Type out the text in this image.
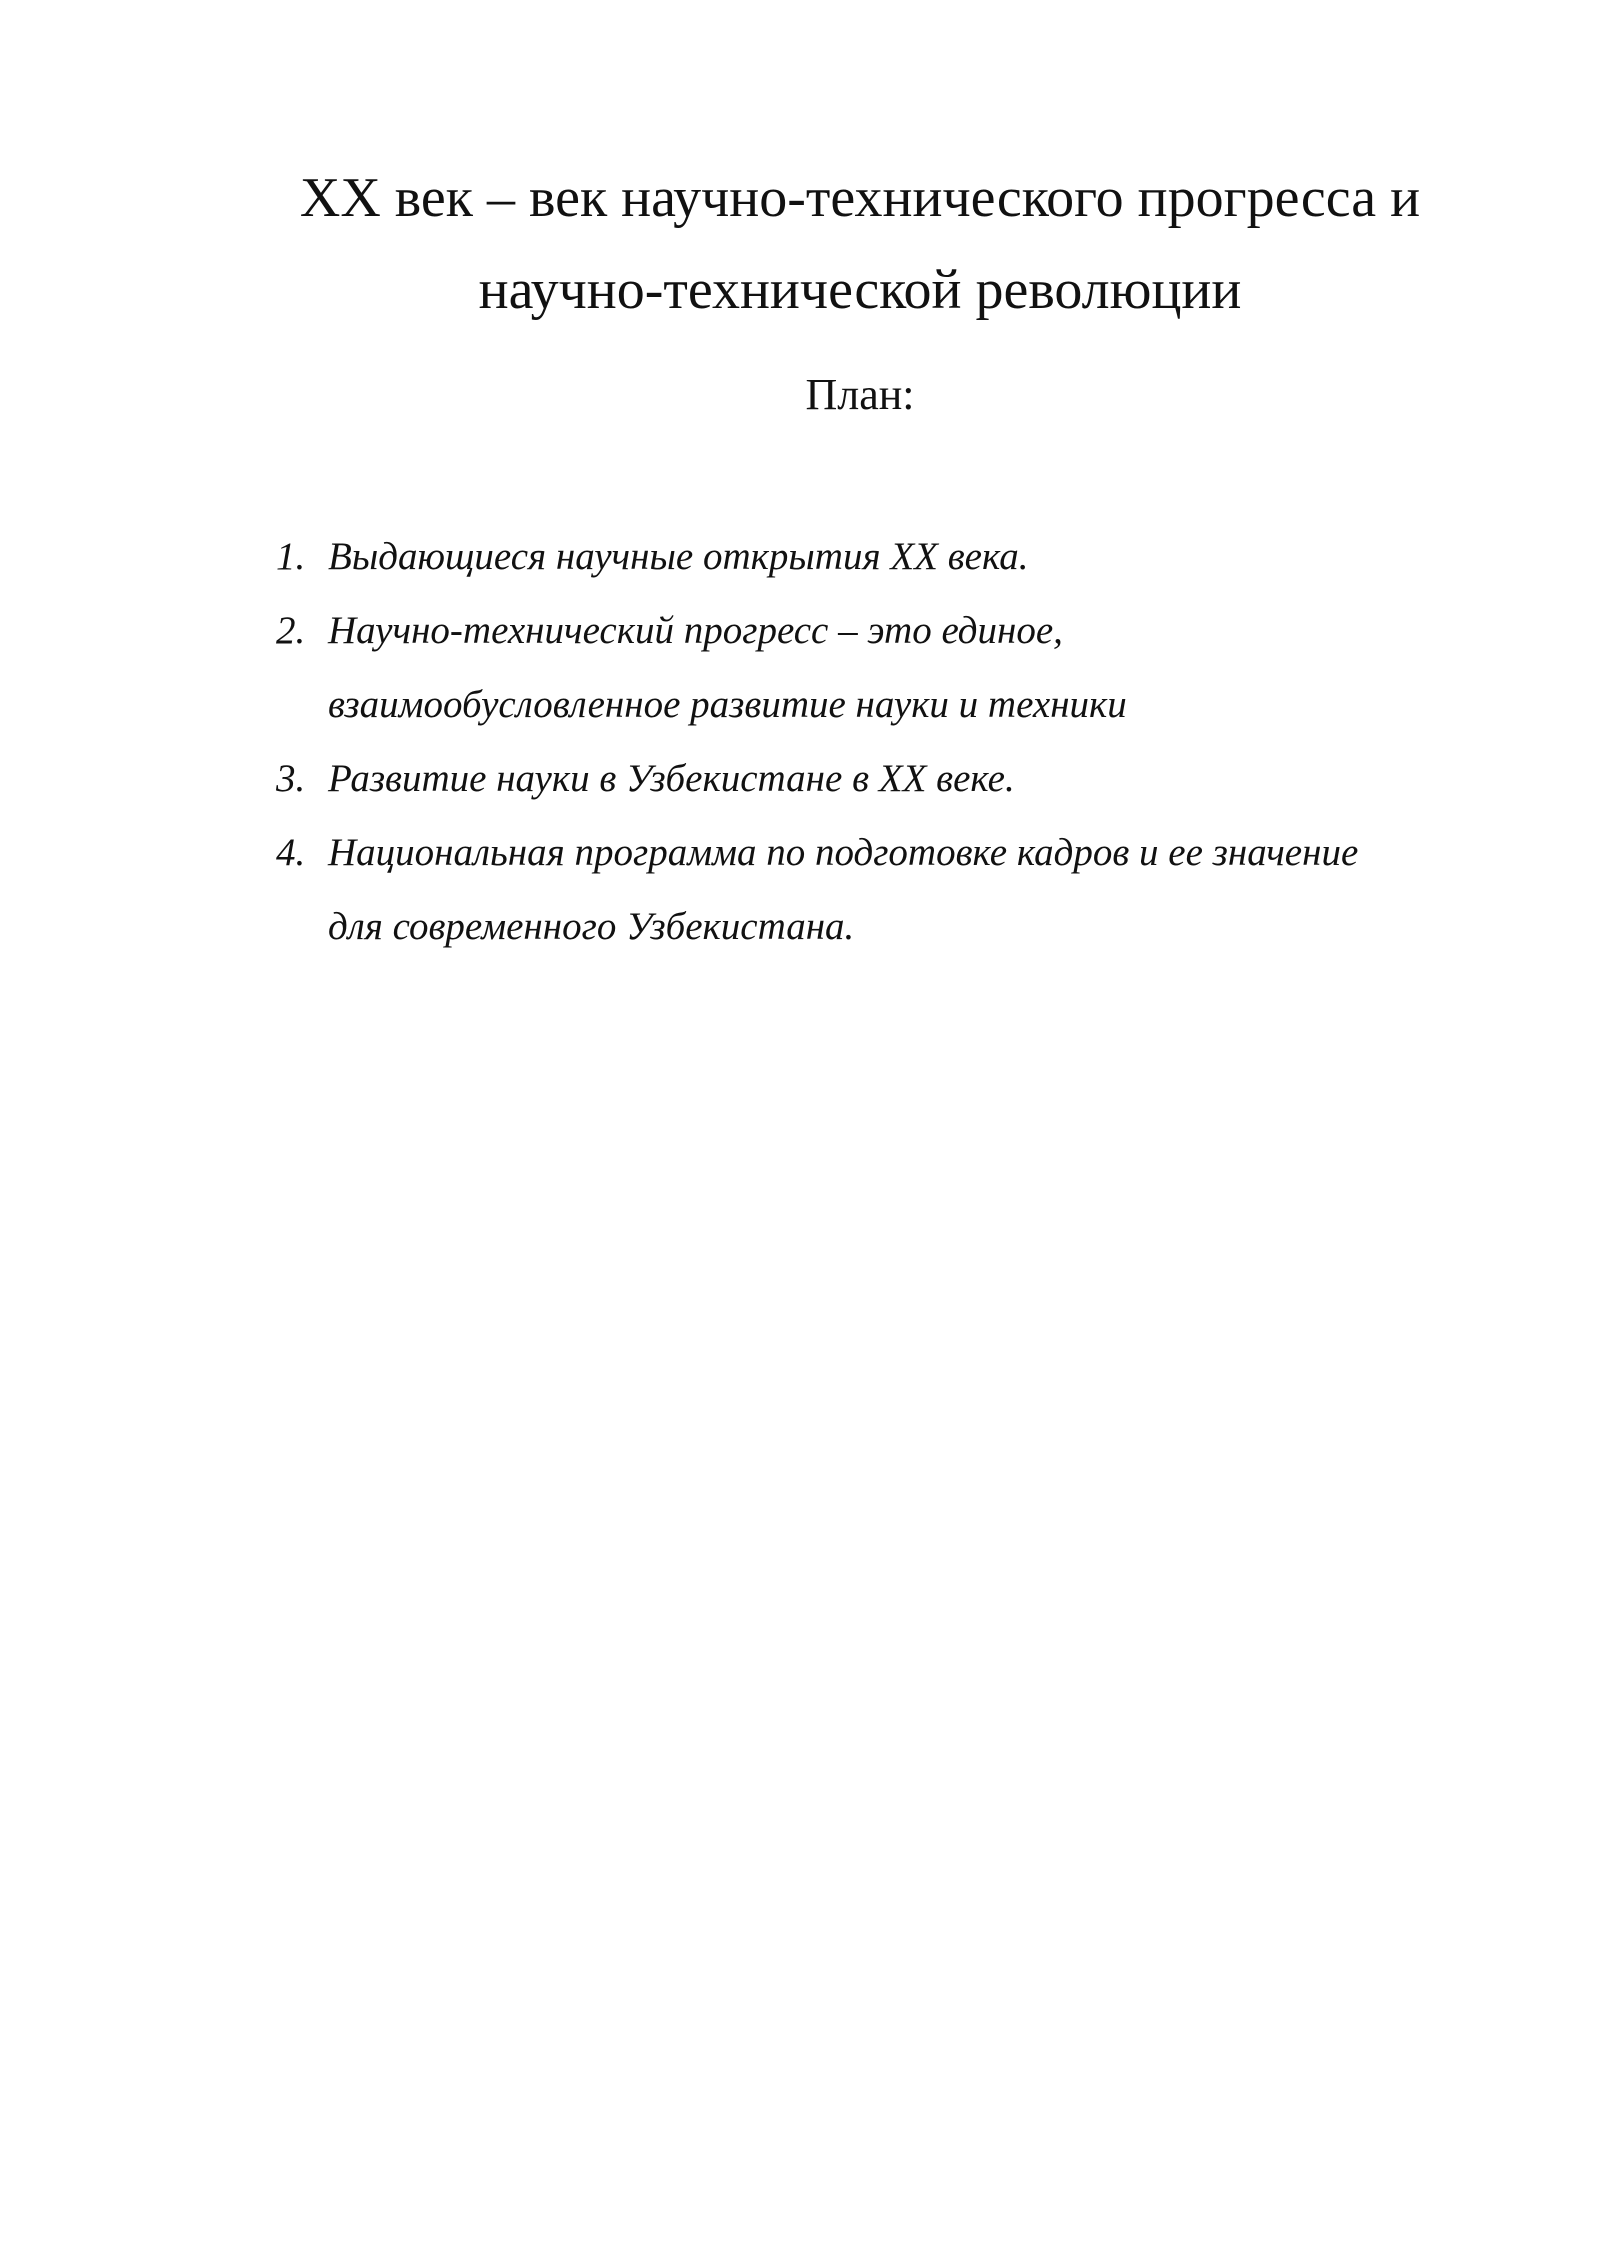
XX век – век научно-технического прогресса и
научно-технической революции
План:
1. Выдающиеся научные открытия XX века.
2. Научно-технический прогресс – это единое,
взаимообусловленное развитие науки и техники
3. Развитие науки в Узбекистане в XX веке.
4. Национальная программа по подготовке кадров и ее значение
для современного Узбекистана.
